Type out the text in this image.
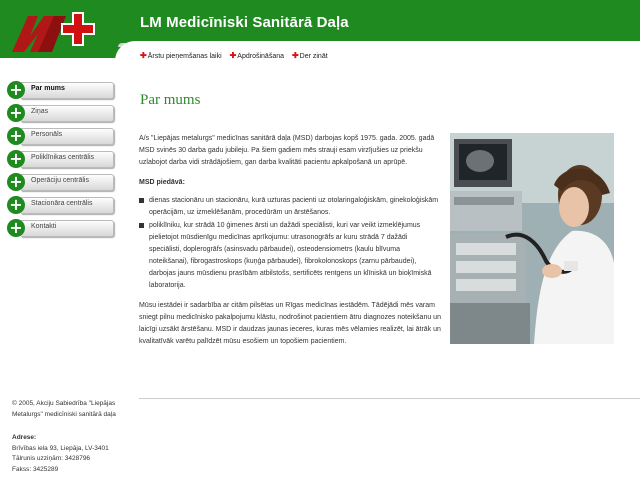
LM Medicīniski Sanitārā Daļa
✚Ārstu pieņemšanas laiki ✚Apdrošināšana ✚Der zināt
Par mums
+
Ziņas
+
Personāls
+
Poliklīnikas centrālis
+
Operāciju centrālis
+
Stacionāra centrālis
+
Kontakti
+
Par mums

A/s "Liepājas metalurgs" medicīnas sanitārā daļa (MSD) darbojas kopš 1975. gada. 2005. gadā MSD svinēs 30 darba gadu jubileju. Pa šiem gadiem mēs strauji esam virzījušies uz priekšu uzlabojot darba vidi strādājošiem, gan darba kvalitāti pacientu apkalpošanā un aprūpē.

MSD piedāvā:

dienas stacionāru un stacionāru, kurā uzturas pacienti uz otolaringaloģiskām, ginekoloģiskām operācijām, uz izmeklēšanām, procedūrām un ārstēšanos.
poliklīniku, kur strādā 10 ģimenes ārsti un dažādi speciālisti, kuri var veikt izmeklējumus pielietojot mūsdienīgu medicīnas aprīkojumu: utrasonogrāfs ar kuru strādā 7 dažādi speciālisti, doplerogrāfs (asinsvadu pārbaudei), osteodensiometrs (kaulu blīvuma noteikšanai), fibrogastroskops (kuņģa pārbaudei), fibrokolonoskops (zarnu pārbaudei), darbojas jauns mūsdienu prasībām atbilstošs, sertificēts rentgens un klīniskā un bioķīmiskā laboratorija.

Mūsu iestādei ir sadarbība ar citām pilsētas un Rīgas medicīnas iestādēm. Tādējādi mēs varam sniegt pilnu medicīnisko pakalpojumu klāstu, nodrošinot pacientiem ātru diagnozes noteikšanu un laicīgi uzsākt ārstēšanu. MSD ir daudzas jaunas ieceres, kuras mēs vēlamies realizēt, lai ātrāk un kvalitatīvāk varētu palīdzēt mūsu esošiem un topošiem pacientiem.

© 2005, Akciju Sabiedrība "Liepājas Metalurgs" medicīniski sanitārā daļa
Adrese:
Brīvības iela 93, Liepāja, LV-3401
Tālrunis uzziņām: 3428796
Fakss: 3425289
